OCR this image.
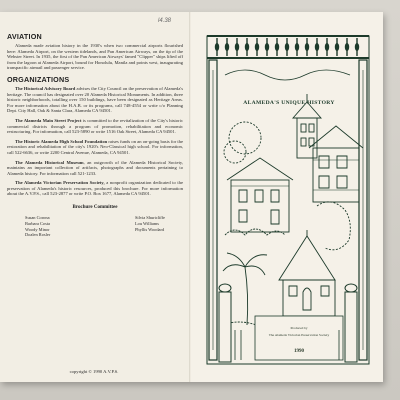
l4.38
AVIATION

Alameda made aviation history in the 1930's when two commercial airports flourished here: Alameda Airport, on the western tidelands, and Pan American Airways, on the tip of the Webster Street. In 1935, the first of the Pan American Airways' famed "Clipper" ships lifted off from the lagoon at Alameda Airport, bound for Honolulu, Manila and points west, inaugurating transpacific airmail and passenger service.

ORGANIZATIONS

The Historical Advisory Board advises the City Council on the preservation of Alameda's heritage. The council has designated over 20 Alameda Historical Monuments. In addition, three historic neighborhoods, totalling over 150 buildings, have been designated as Heritage Areas. For more information about the H.A.B. or its programs, call 748-4554 or write c/o Planning Dept. City Hall, Oak & Santa Clara, Alameda CA 94501.

The Alameda Main Street Project is committed to the revitalization of the City's historic commercial districts through a program of promotion, rehabilitation and economic restructuring. For information, call 523-5890 or write 1516 Oak Street, Alameda CA 94501.

The Historic Alameda High School Foundation raises funds on an on-going basis for the restoration and rehabilitation of the city's 1920's Neo-Classical high school. For information, call 522-6636, or write 2200 Central Avenue, Alameda, CA 94501.

The Alameda Historical Museum, an outgrowth of the Alameda Historical Society, maintains an important collection of artifacts, photographs and documents pertaining to Alameda history. For information call 521-1233.

The Alameda Victorian Preservation Society, a nonprofit organization dedicated to the preservation of Alameda's historic resources, produced this brochure. For more information about the A.V.P.S., call 523-2877 or write P.O. Box 1677, Alameda CA 94501.

Brochure Committee
Susan Corona
Barbara Costa
Woody Minor
Doalen Rosler
Silvia Shurtcliffe
Lou Williams
Phyllis Woodard
copyright © 1990 A.V.P.S.
ALAMEDA'S UNIQUE HISTORY
Produced by
The Alameda Victorian Preservation Society
1990
